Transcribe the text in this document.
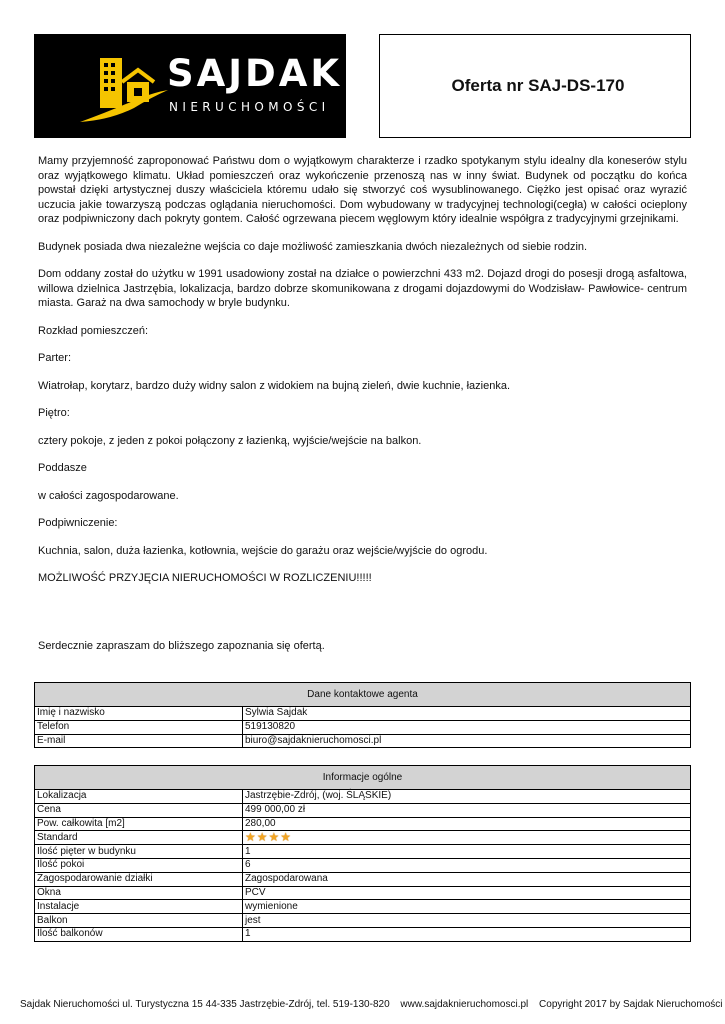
SAJDAK
NIERUCHOMOŚCI
Oferta nr SAJ-DS-170

Mamy przyjemność zaproponować Państwu dom o wyjątkowym charakterze i rzadko spotykanym stylu idealny dla koneserów stylu oraz wyjątkowego klimatu. Układ pomieszczeń oraz wykończenie przenoszą nas w inny świat. Budynek od początku do końca powstał dzięki artystycznej duszy właściciela któremu udało się stworzyć coś wysublinowanego. Ciężko jest opisać oraz wyrazić uczucia jakie towarzyszą podczas oglądania nieruchomości. Dom wybudowany w tradycyjnej technologi(cegła) w całości ocieplony oraz podpiwniczony dach pokryty gontem. Całość ogrzewana piecem węglowym który idealnie współgra z tradycyjnymi grzejnikami.

Budynek posiada dwa niezależne wejścia co daje możliwość zamieszkania dwóch niezależnych od siebie rodzin.

Dom oddany został do użytku w 1991 usadowiony został na działce o powierzchni 433 m2. Dojazd drogi do posesji drogą asfaltowa, willowa dzielnica Jastrzębia, lokalizacja, bardzo dobrze skomunikowana z drogami dojazdowymi do Wodzisław- Pawłowice- centrum miasta. Garaż na dwa samochody w bryle budynku.

Rozkład pomieszczeń:

Parter:

Wiatrołap, korytarz, bardzo duży widny salon z widokiem na bujną zieleń, dwie kuchnie, łazienka.

Piętro:

cztery pokoje, z jeden z pokoi połączony z łazienką, wyjście/wejście na balkon.

Poddasze

w całości zagospodarowane.

Podpiwniczenie:

Kuchnia, salon, duża łazienka, kotłownia, wejście do garażu oraz wejście/wyjście do ogrodu.

MOŻLIWOŚĆ PRZYJĘCIA NIERUCHOMOŚCI W ROZLICZENIU!!!!!

Serdecznie zapraszam do bliższego zapoznania się ofertą.

Dane kontaktowe agenta	
Imię i nazwisko	Sylwia Sajdak
Telefon	519130820
E-mail	biuro@sajdaknieruchomosci.pl
Informacje ogólne	
Lokalizacja	Jastrzębie-Zdrój, (woj. ŚLĄSKIE)
Cena	499 000,00 zł
Pow. całkowita [m2]	280,00
Standard	★ ★ ★ ★

Ilość pięter w budynku	1
Ilość pokoi	6
Zagospodarowanie działki	Zagospodarowana
Okna	PCV
Instalacje	wymienione
Balkon	jest
Ilość balkonów	1
Sajdak Nieruchomości ul. Turystyczna 15 44-335 Jastrzębie-Zdrój, tel. 519-130-820 www.sajdaknieruchomosci.pl Copyright 2017 by Sajdak Nieruchomości
